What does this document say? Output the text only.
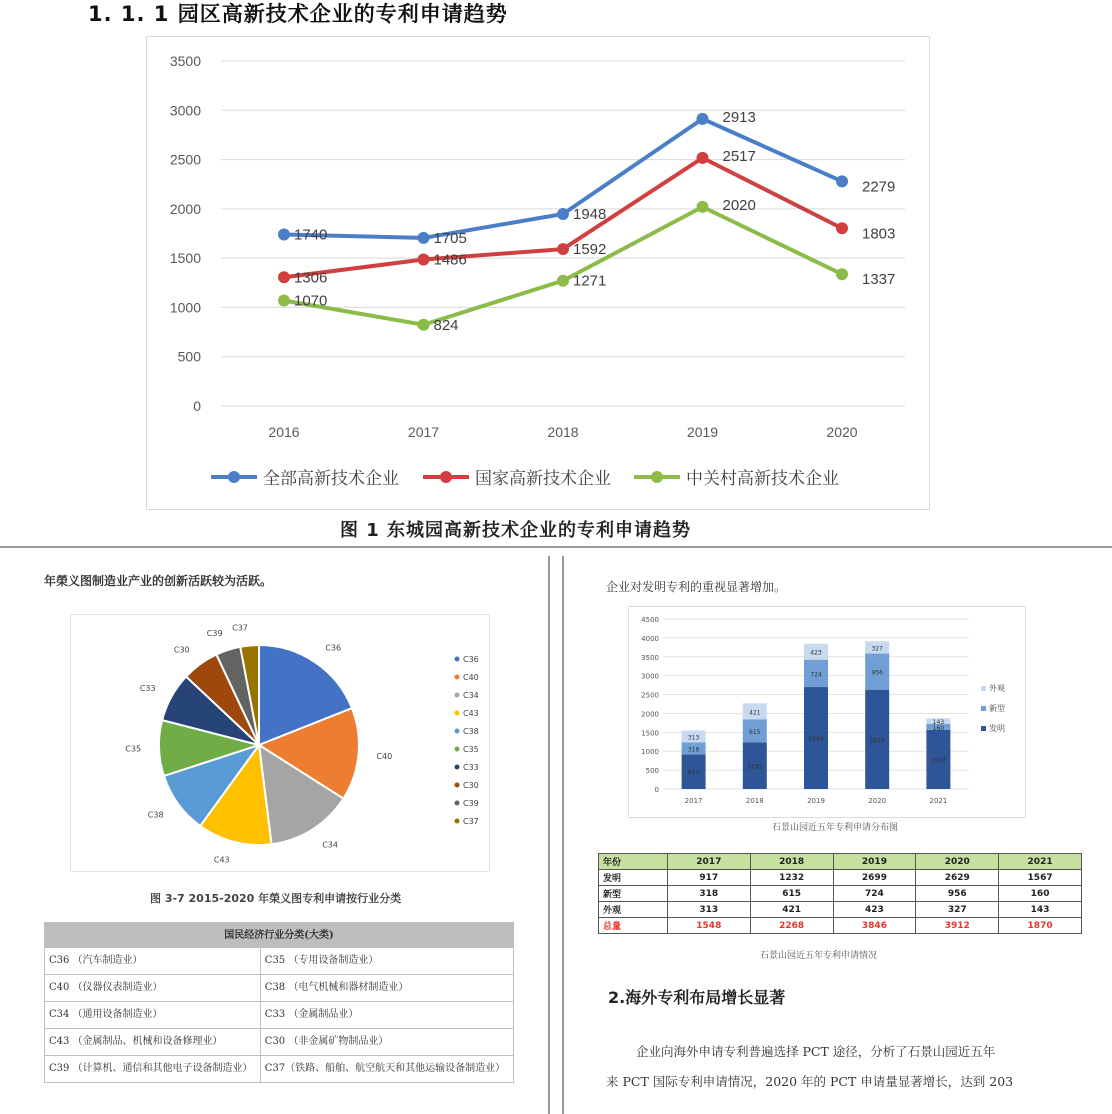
1. 1. 1 园区高新技术企业的专利申请趋势
0
500
1000
1500
2000
2500
3000
3500
2016	2017	2018	2019	2020
1740	1705
1948
2913
2279
1306
1486
1592
2517
1803
1070
824
1271
2020
1337
全部高新技术企业	国家高新技术企业	中关村高新技术企业
图 1 东城园高新技术企业的专利申请趋势
年榮义图制造业产业的创新活跃较为活跃。
C36
C40
C34
C43
C38
C35
C33
C30
C39
C37
C36
C40
C34
C43
C38
C35
C33
C30
C39
C37
图 3-7 2015-2020 年榮义图专利申请按行业分类
国民经济行业分类(大类)	
C36 （汽车制造业）	C35 （专用设备制造业）
C40 （仪器仪表制造业）	C38 （电气机械和器材制造业）
C34 （通用设备制造业）	C33 （金属制品业）
C43 （金属制品、机械和设备修理业）	C30 （非金属矿物制品业）
C39 （计算机、通信和其他电子设备制造业）	C37（铁路、船舶、航空航天和其他运输设备制造业）
企业对发明专利的重视显著增加。
0
500
1000
1500
2000
2500
3000
3500
4000
4500
917
318
313
2017
1232
615
421
2018
2699
724
423
2019
2629
956
327
2020
1567
160
143
2021
外观
新型
发明
石景山园近五年专利申请分布图
年份	2017	2018	2019	2020	2021
发明	917	1232	2699	2629	1567
新型	318	615	724	956	160
外观	313	421	423	327	143
总量	1548	2268	3846	3912	1870
石景山园近五年专利申请情况
2.海外专利布局增长显著
企业向海外申请专利普遍选择 PCT 途径，分析了石景山园近五年
来 PCT 国际专利申请情况，2020 年的 PCT 申请量显著增长，达到 203
